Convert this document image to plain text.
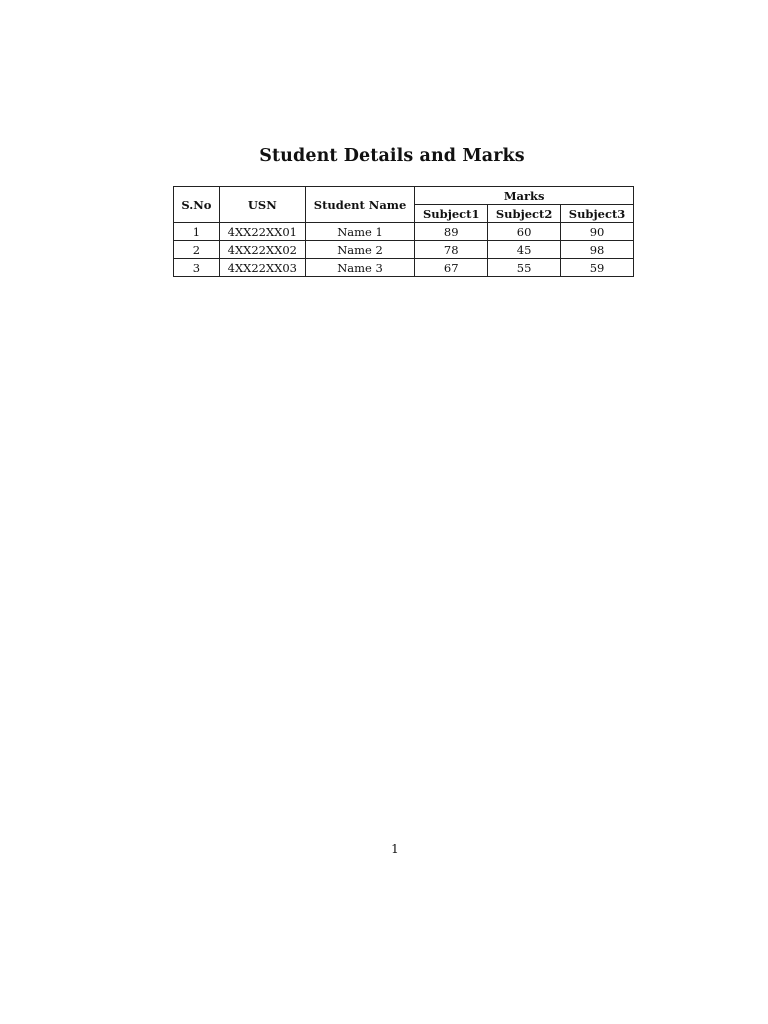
Student Details and Marks
S.No	USN	Student Name	Marks		
			Subject1	Subject2	Subject3
1	4XX22XX01	Name 1	89	60	90
2	4XX22XX02	Name 2	78	45	98
3	4XX22XX03	Name 3	67	55	59
1
